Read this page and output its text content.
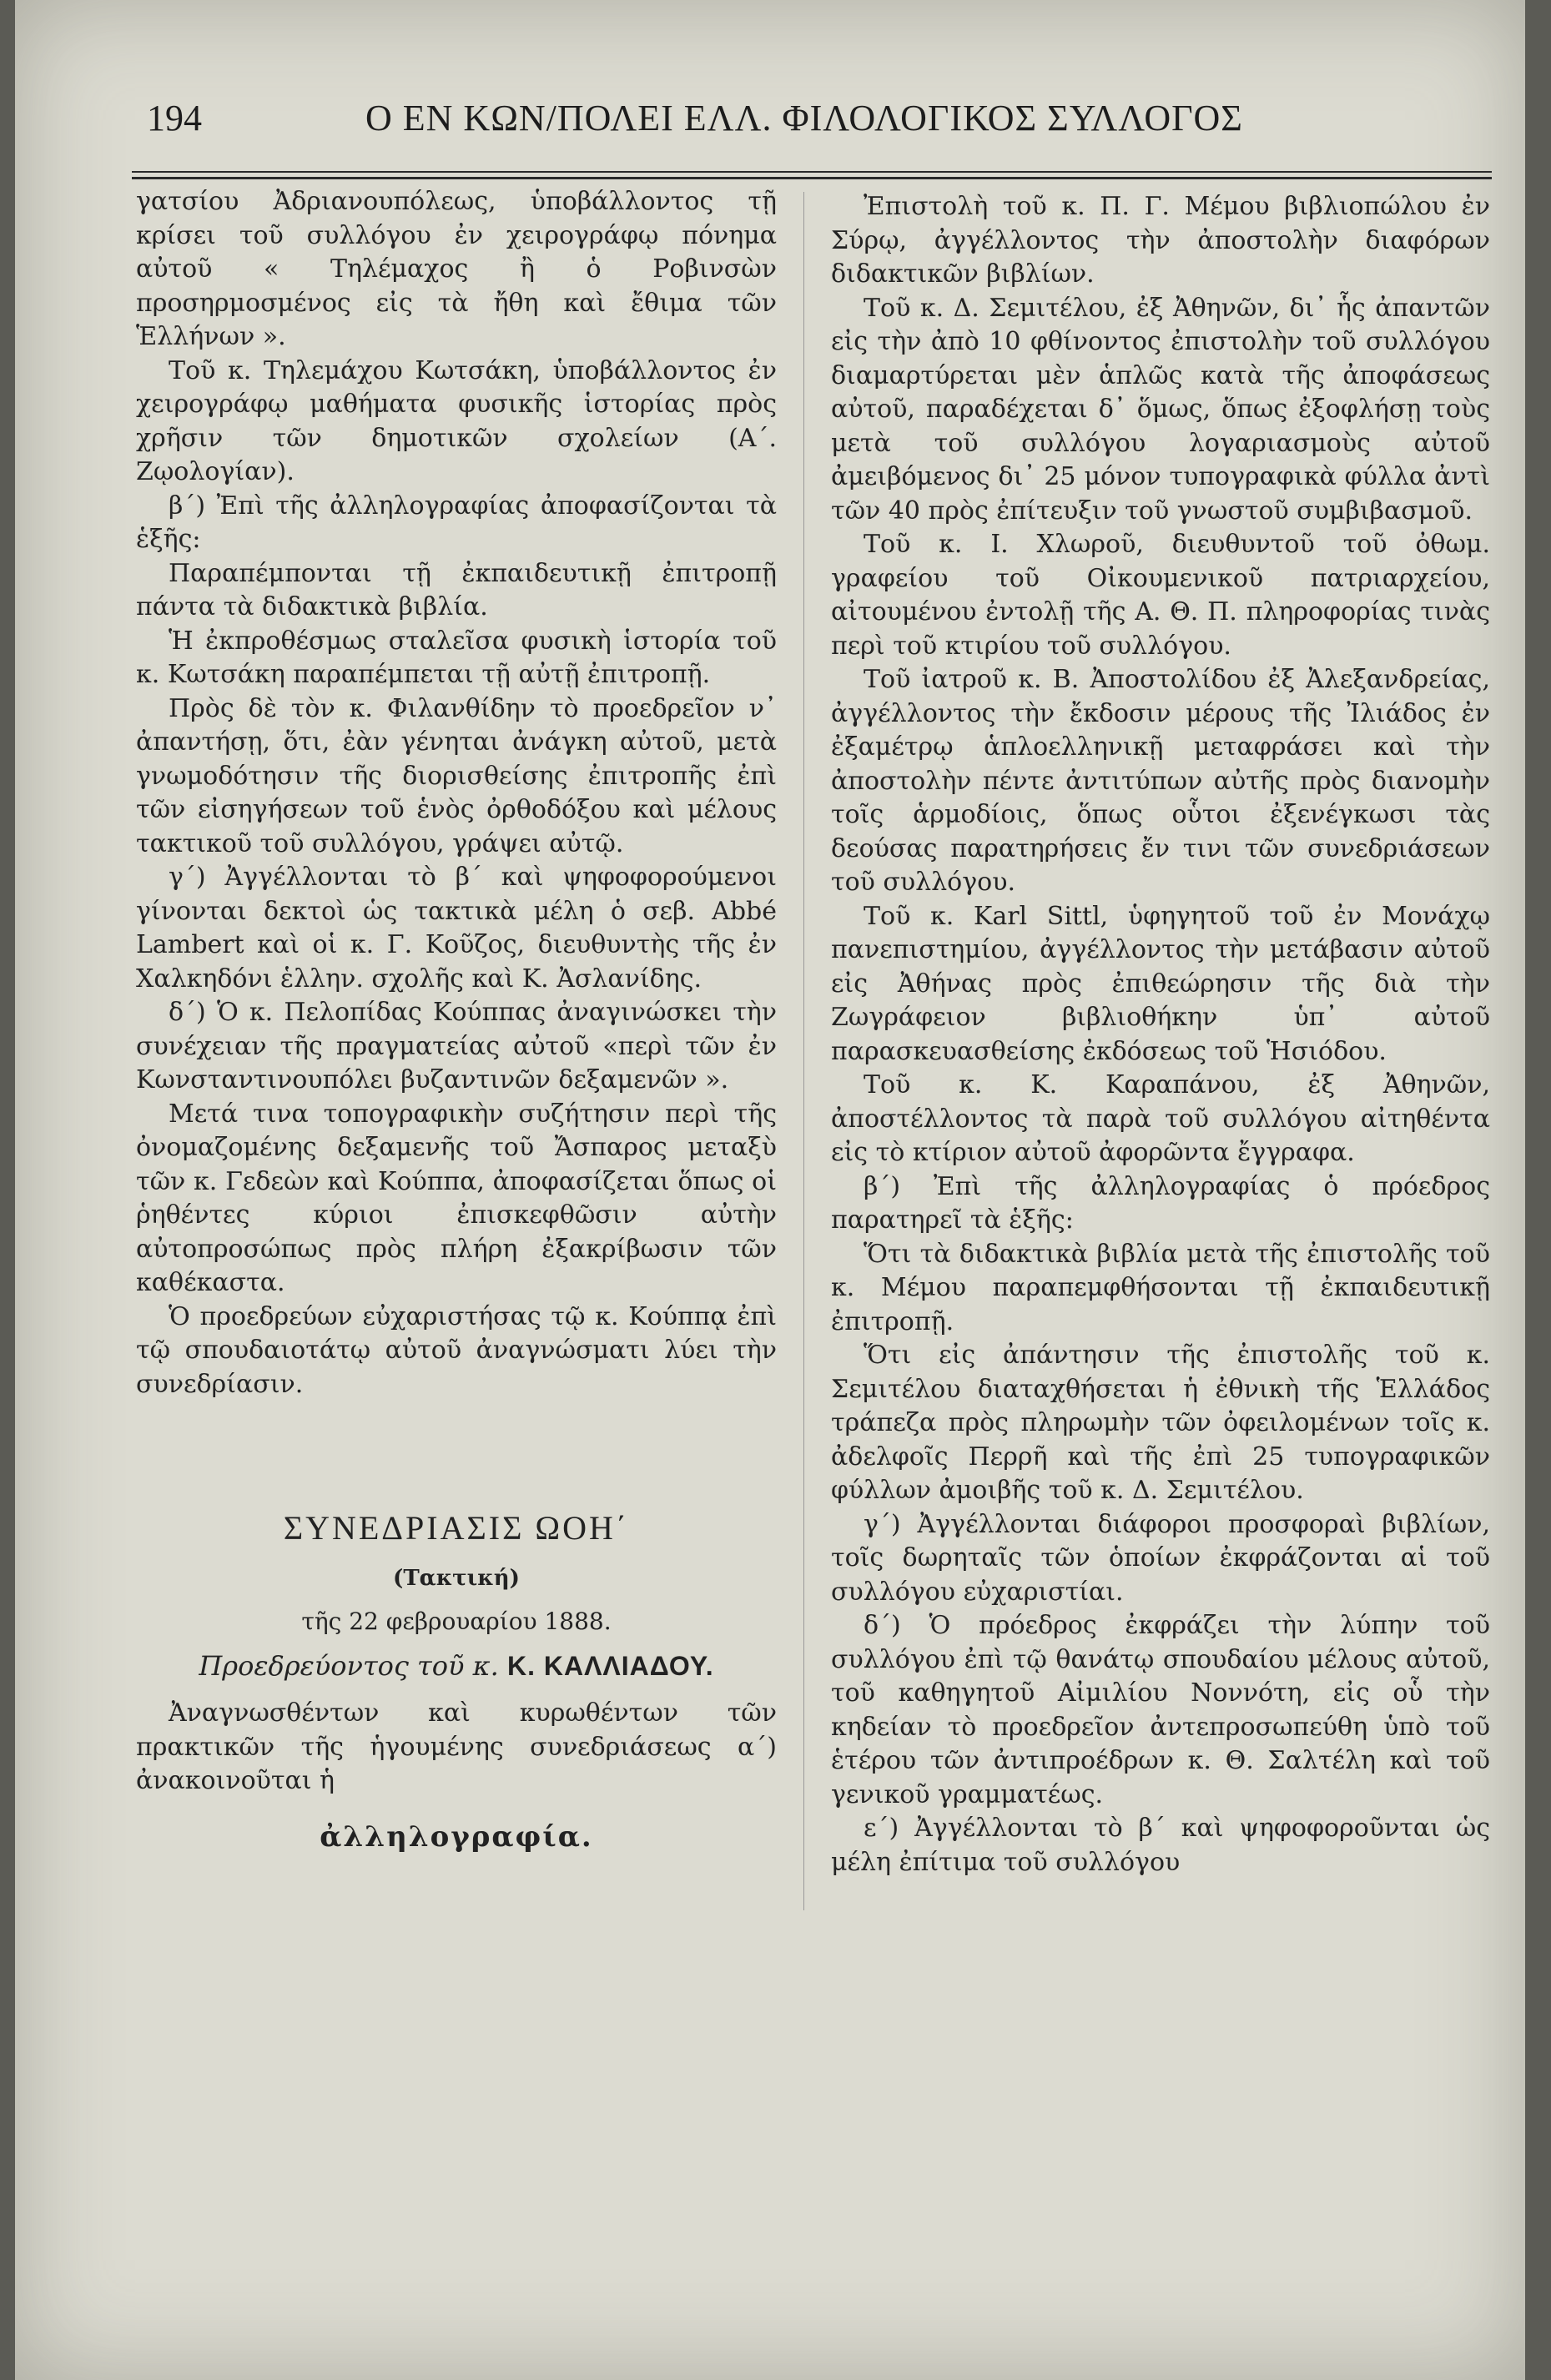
194	Ο ΕΝ ΚΩΝ/ΠΟΛΕΙ ΕΛΛ. ΦΙΛΟΛΟΓΙΚΟΣ ΣΥΛΛΟΓΟΣ

γατσίου Ἀδριανουπόλεως, ὑποβάλλοντος τῇ κρίσει τοῦ συλλόγου ἐν χειρογράφῳ πόνημα αὐτοῦ « Τηλέμαχος ἢ ὁ Ροβινσὼν προσηρμοσμένος εἰς τὰ ἤθη καὶ ἔθιμα τῶν Ἑλλήνων ».

Τοῦ κ. Τηλεμάχου Κωτσάκη, ὑποβάλλοντος ἐν χειρογράφῳ μαθήματα φυσικῆς ἱστορίας πρὸς χρῆσιν τῶν δημοτικῶν σχολείων (Α΄. Ζῳολογίαν).

β΄) Ἐπὶ τῆς ἀλληλογραφίας ἀποφασίζονται τὰ ἑξῆς:

Παραπέμπονται τῇ ἐκπαιδευτικῇ ἐπιτροπῇ πάντα τὰ διδακτικὰ βιβλία.

Ἡ ἐκπροθέσμως σταλεῖσα φυσικὴ ἱστορία τοῦ κ. Κωτσάκη παραπέμπεται τῇ αὐτῇ ἐπιτροπῇ.

Πρὸς δὲ τὸν κ. Φιλανθίδην τὸ προεδρεῖον ν᾽ ἀπαντήσῃ, ὅτι, ἐὰν γένηται ἀνάγκη αὐτοῦ, μετὰ γνωμοδότησιν τῆς διορισθείσης ἐπιτροπῆς ἐπὶ τῶν εἰσηγήσεων τοῦ ἑνὸς ὀρθοδόξου καὶ μέλους τακτικοῦ τοῦ συλλόγου, γράψει αὐτῷ.

γ΄) Ἀγγέλλονται τὸ β΄ καὶ ψηφοφορούμενοι γίνονται δεκτοὶ ὡς τακτικὰ μέλη ὁ σεβ. Abbé Lambert καὶ οἱ κ. Γ. Κοῦζος, διευθυντὴς τῆς ἐν Χαλκηδόνι ἑλλην. σχολῆς καὶ Κ. Ἀσλανίδης.

δ΄) Ὁ κ. Πελοπίδας Κούππας ἀναγινώσκει τὴν συνέχειαν τῆς πραγματείας αὐτοῦ «περὶ τῶν ἐν Κωνσταντινουπόλει βυζαντινῶν δεξαμενῶν ».

Μετά τινα τοπογραφικὴν συζήτησιν περὶ τῆς ὀνομαζομένης δεξαμενῆς τοῦ Ἄσπαρος μεταξὺ τῶν κ. Γεδεὼν καὶ Κούππα, ἀποφασίζεται ὅπως οἱ ῥηθέντες κύριοι ἐπισκεφθῶσιν αὐτὴν αὐτοπροσώπως πρὸς πλήρη ἐξακρίβωσιν τῶν καθέκαστα.

Ὁ προεδρεύων εὐχαριστήσας τῷ κ. Κούππᾳ ἐπὶ τῷ σπουδαιοτάτῳ αὐτοῦ ἀναγνώσματι λύει τὴν συνεδρίασιν.

ΣΥΝΕΔΡΙΑΣΙΣ ΩΟΗ΄
(Τακτική)
τῆς 22 φεβρουαρίου 1888.
Προεδρεύοντος τοῦ κ. Κ. ΚΑΛΛΙΑΔΟΥ.

Ἀναγνωσθέντων καὶ κυρωθέντων τῶν πρακτικῶν τῆς ἡγουμένης συνεδριάσεως α΄) ἀνακοινοῦται ἡ

ἀλληλογραφία.

Ἐπιστολὴ τοῦ κ. Π. Γ. Μέμου βιβλιοπώλου ἐν Σύρῳ, ἀγγέλλοντος τὴν ἀποστολὴν διαφόρων διδακτικῶν βιβλίων.

Τοῦ κ. Δ. Σεμιτέλου, ἐξ Ἀθηνῶν, δι᾽ ἧς ἀπαντῶν εἰς τὴν ἀπὸ 10 φθίνοντος ἐπιστολὴν τοῦ συλλόγου διαμαρτύρεται μὲν ἁπλῶς κατὰ τῆς ἀποφάσεως αὐτοῦ, παραδέχεται δ᾽ ὅμως, ὅπως ἐξοφλήσῃ τοὺς μετὰ τοῦ συλλόγου λογαριασμοὺς αὐτοῦ ἀμειβόμενος δι᾽ 25 μόνον τυπογραφικὰ φύλλα ἀντὶ τῶν 40 πρὸς ἐπίτευξιν τοῦ γνωστοῦ συμβιβασμοῦ.

Τοῦ κ. Ι. Χλωροῦ, διευθυντοῦ τοῦ ὀθωμ. γραφείου τοῦ Οἰκουμενικοῦ πατριαρχείου, αἰτουμένου ἐντολῇ τῆς Α. Θ. Π. πληροφορίας τινὰς περὶ τοῦ κτιρίου τοῦ συλλόγου.

Τοῦ ἰατροῦ κ. Β. Ἀποστολίδου ἐξ Ἀλεξανδρείας, ἀγγέλλοντος τὴν ἔκδοσιν μέρους τῆς Ἰλιάδος ἐν ἐξαμέτρῳ ἁπλοελληνικῇ μεταφράσει καὶ τὴν ἀποστολὴν πέντε ἀντιτύπων αὐτῆς πρὸς διανομὴν τοῖς ἁρμοδίοις, ὅπως οὗτοι ἐξενέγκωσι τὰς δεούσας παρατηρήσεις ἔν τινι τῶν συνεδριάσεων τοῦ συλλόγου.

Τοῦ κ. Karl Sittl, ὑφηγητοῦ τοῦ ἐν Μονάχῳ πανεπιστημίου, ἀγγέλλοντος τὴν μετάβασιν αὐτοῦ εἰς Ἀθήνας πρὸς ἐπιθεώρησιν τῆς διὰ τὴν Ζωγράφειον βιβλιοθήκην ὑπ᾽ αὐτοῦ παρασκευασθείσης ἐκδόσεως τοῦ Ἡσιόδου.

Τοῦ κ. Κ. Καραπάνου, ἐξ Ἀθηνῶν, ἀποστέλλοντος τὰ παρὰ τοῦ συλλόγου αἰτηθέντα εἰς τὸ κτίριον αὐτοῦ ἀφορῶντα ἔγγραφα.

β΄) Ἐπὶ τῆς ἀλληλογραφίας ὁ πρόεδρος παρατηρεῖ τὰ ἑξῆς:

Ὅτι τὰ διδακτικὰ βιβλία μετὰ τῆς ἐπιστολῆς τοῦ κ. Μέμου παραπεμφθήσονται τῇ ἐκπαιδευτικῇ ἐπιτροπῇ.

Ὅτι εἰς ἀπάντησιν τῆς ἐπιστολῆς τοῦ κ. Σεμιτέλου διαταχθήσεται ἡ ἐθνικὴ τῆς Ἑλλάδος τράπεζα πρὸς πληρωμὴν τῶν ὀφειλομένων τοῖς κ. ἀδελφοῖς Περρῆ καὶ τῆς ἐπὶ 25 τυπογραφικῶν φύλλων ἀμοιβῆς τοῦ κ. Δ. Σεμιτέλου.

γ΄) Ἀγγέλλονται διάφοροι προσφοραὶ βιβλίων, τοῖς δωρηταῖς τῶν ὁποίων ἐκφράζονται αἱ τοῦ συλλόγου εὐχαριστίαι.

δ΄) Ὁ πρόεδρος ἐκφράζει τὴν λύπην τοῦ συλλόγου ἐπὶ τῷ θανάτῳ σπουδαίου μέλους αὐτοῦ, τοῦ καθηγητοῦ Αἰμιλίου Νοννότη, εἰς οὗ τὴν κηδείαν τὸ προεδρεῖον ἀντεπροσωπεύθη ὑπὸ τοῦ ἑτέρου τῶν ἀντιπροέδρων κ. Θ. Σαλτέλη καὶ τοῦ γενικοῦ γραμματέως.

ε΄) Ἀγγέλλονται τὸ β΄ καὶ ψηφοφοροῦνται ὡς μέλη ἐπίτιμα τοῦ συλλόγου
